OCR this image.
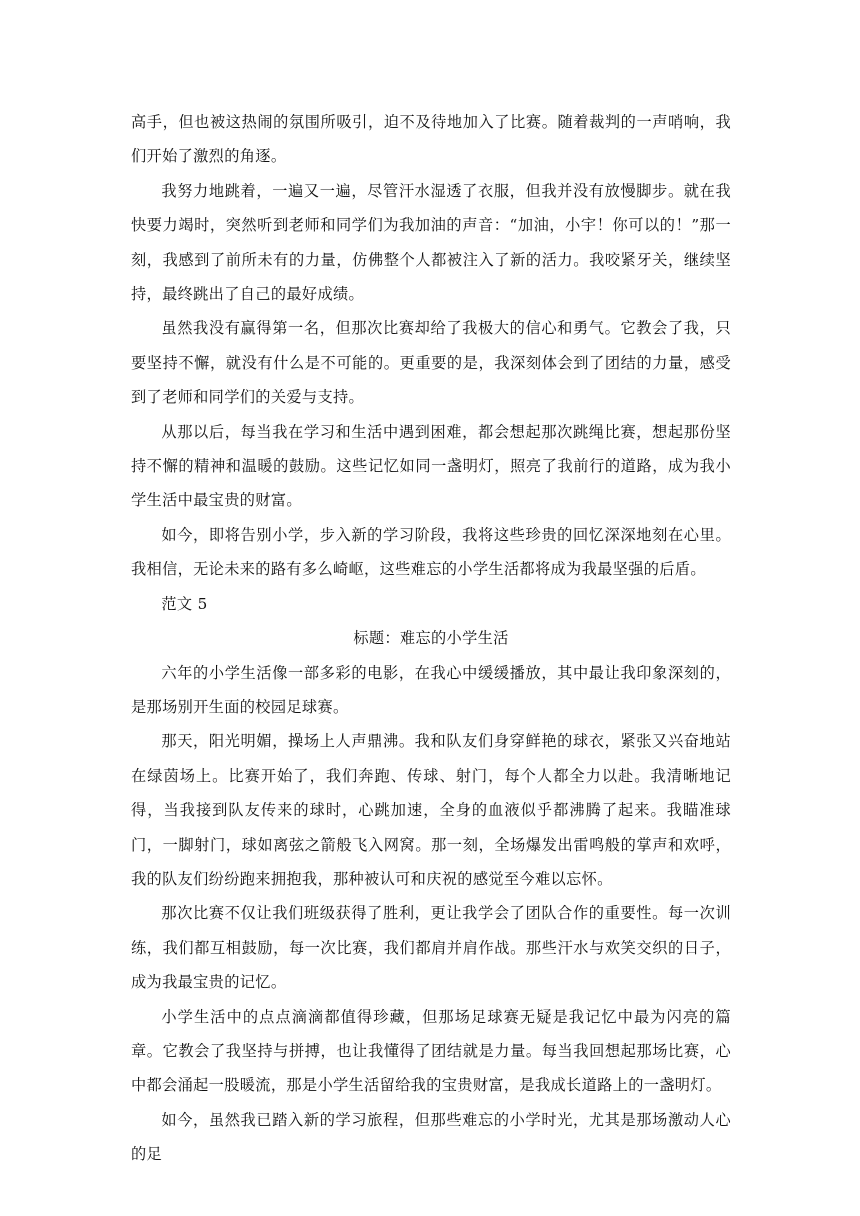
高手，但也被这热闹的氛围所吸引，迫不及待地加入了比赛。随着裁判的一声哨响，我们开始了激烈的角逐。

我努力地跳着，一遍又一遍，尽管汗水湿透了衣服，但我并没有放慢脚步。就在我快要力竭时，突然听到老师和同学们为我加油的声音：“加油，小宇！你可以的！”那一刻，我感到了前所未有的力量，仿佛整个人都被注入了新的活力。我咬紧牙关，继续坚持，最终跳出了自己的最好成绩。

虽然我没有赢得第一名，但那次比赛却给了我极大的信心和勇气。它教会了我，只要坚持不懈，就没有什么是不可能的。更重要的是，我深刻体会到了团结的力量，感受到了老师和同学们的关爱与支持。

从那以后，每当我在学习和生活中遇到困难，都会想起那次跳绳比赛，想起那份坚持不懈的精神和温暖的鼓励。这些记忆如同一盏明灯，照亮了我前行的道路，成为我小学生活中最宝贵的财富。

如今，即将告别小学，步入新的学习阶段，我将这些珍贵的回忆深深地刻在心里。我相信，无论未来的路有多么崎岖，这些难忘的小学生活都将成为我最坚强的后盾。

范文 5

标题：难忘的小学生活

六年的小学生活像一部多彩的电影，在我心中缓缓播放，其中最让我印象深刻的，是那场别开生面的校园足球赛。

那天，阳光明媚，操场上人声鼎沸。我和队友们身穿鲜艳的球衣，紧张又兴奋地站在绿茵场上。比赛开始了，我们奔跑、传球、射门，每个人都全力以赴。我清晰地记得，当我接到队友传来的球时，心跳加速，全身的血液似乎都沸腾了起来。我瞄准球门，一脚射门，球如离弦之箭般飞入网窝。那一刻，全场爆发出雷鸣般的掌声和欢呼，我的队友们纷纷跑来拥抱我，那种被认可和庆祝的感觉至今难以忘怀。

那次比赛不仅让我们班级获得了胜利，更让我学会了团队合作的重要性。每一次训练，我们都互相鼓励，每一次比赛，我们都肩并肩作战。那些汗水与欢笑交织的日子，成为我最宝贵的记忆。

小学生活中的点点滴滴都值得珍藏，但那场足球赛无疑是我记忆中最为闪亮的篇章。它教会了我坚持与拼搏，也让我懂得了团结就是力量。每当我回想起那场比赛，心中都会涌起一股暖流，那是小学生活留给我的宝贵财富，是我成长道路上的一盏明灯。

如今，虽然我已踏入新的学习旅程，但那些难忘的小学时光，尤其是那场激动人心的足
